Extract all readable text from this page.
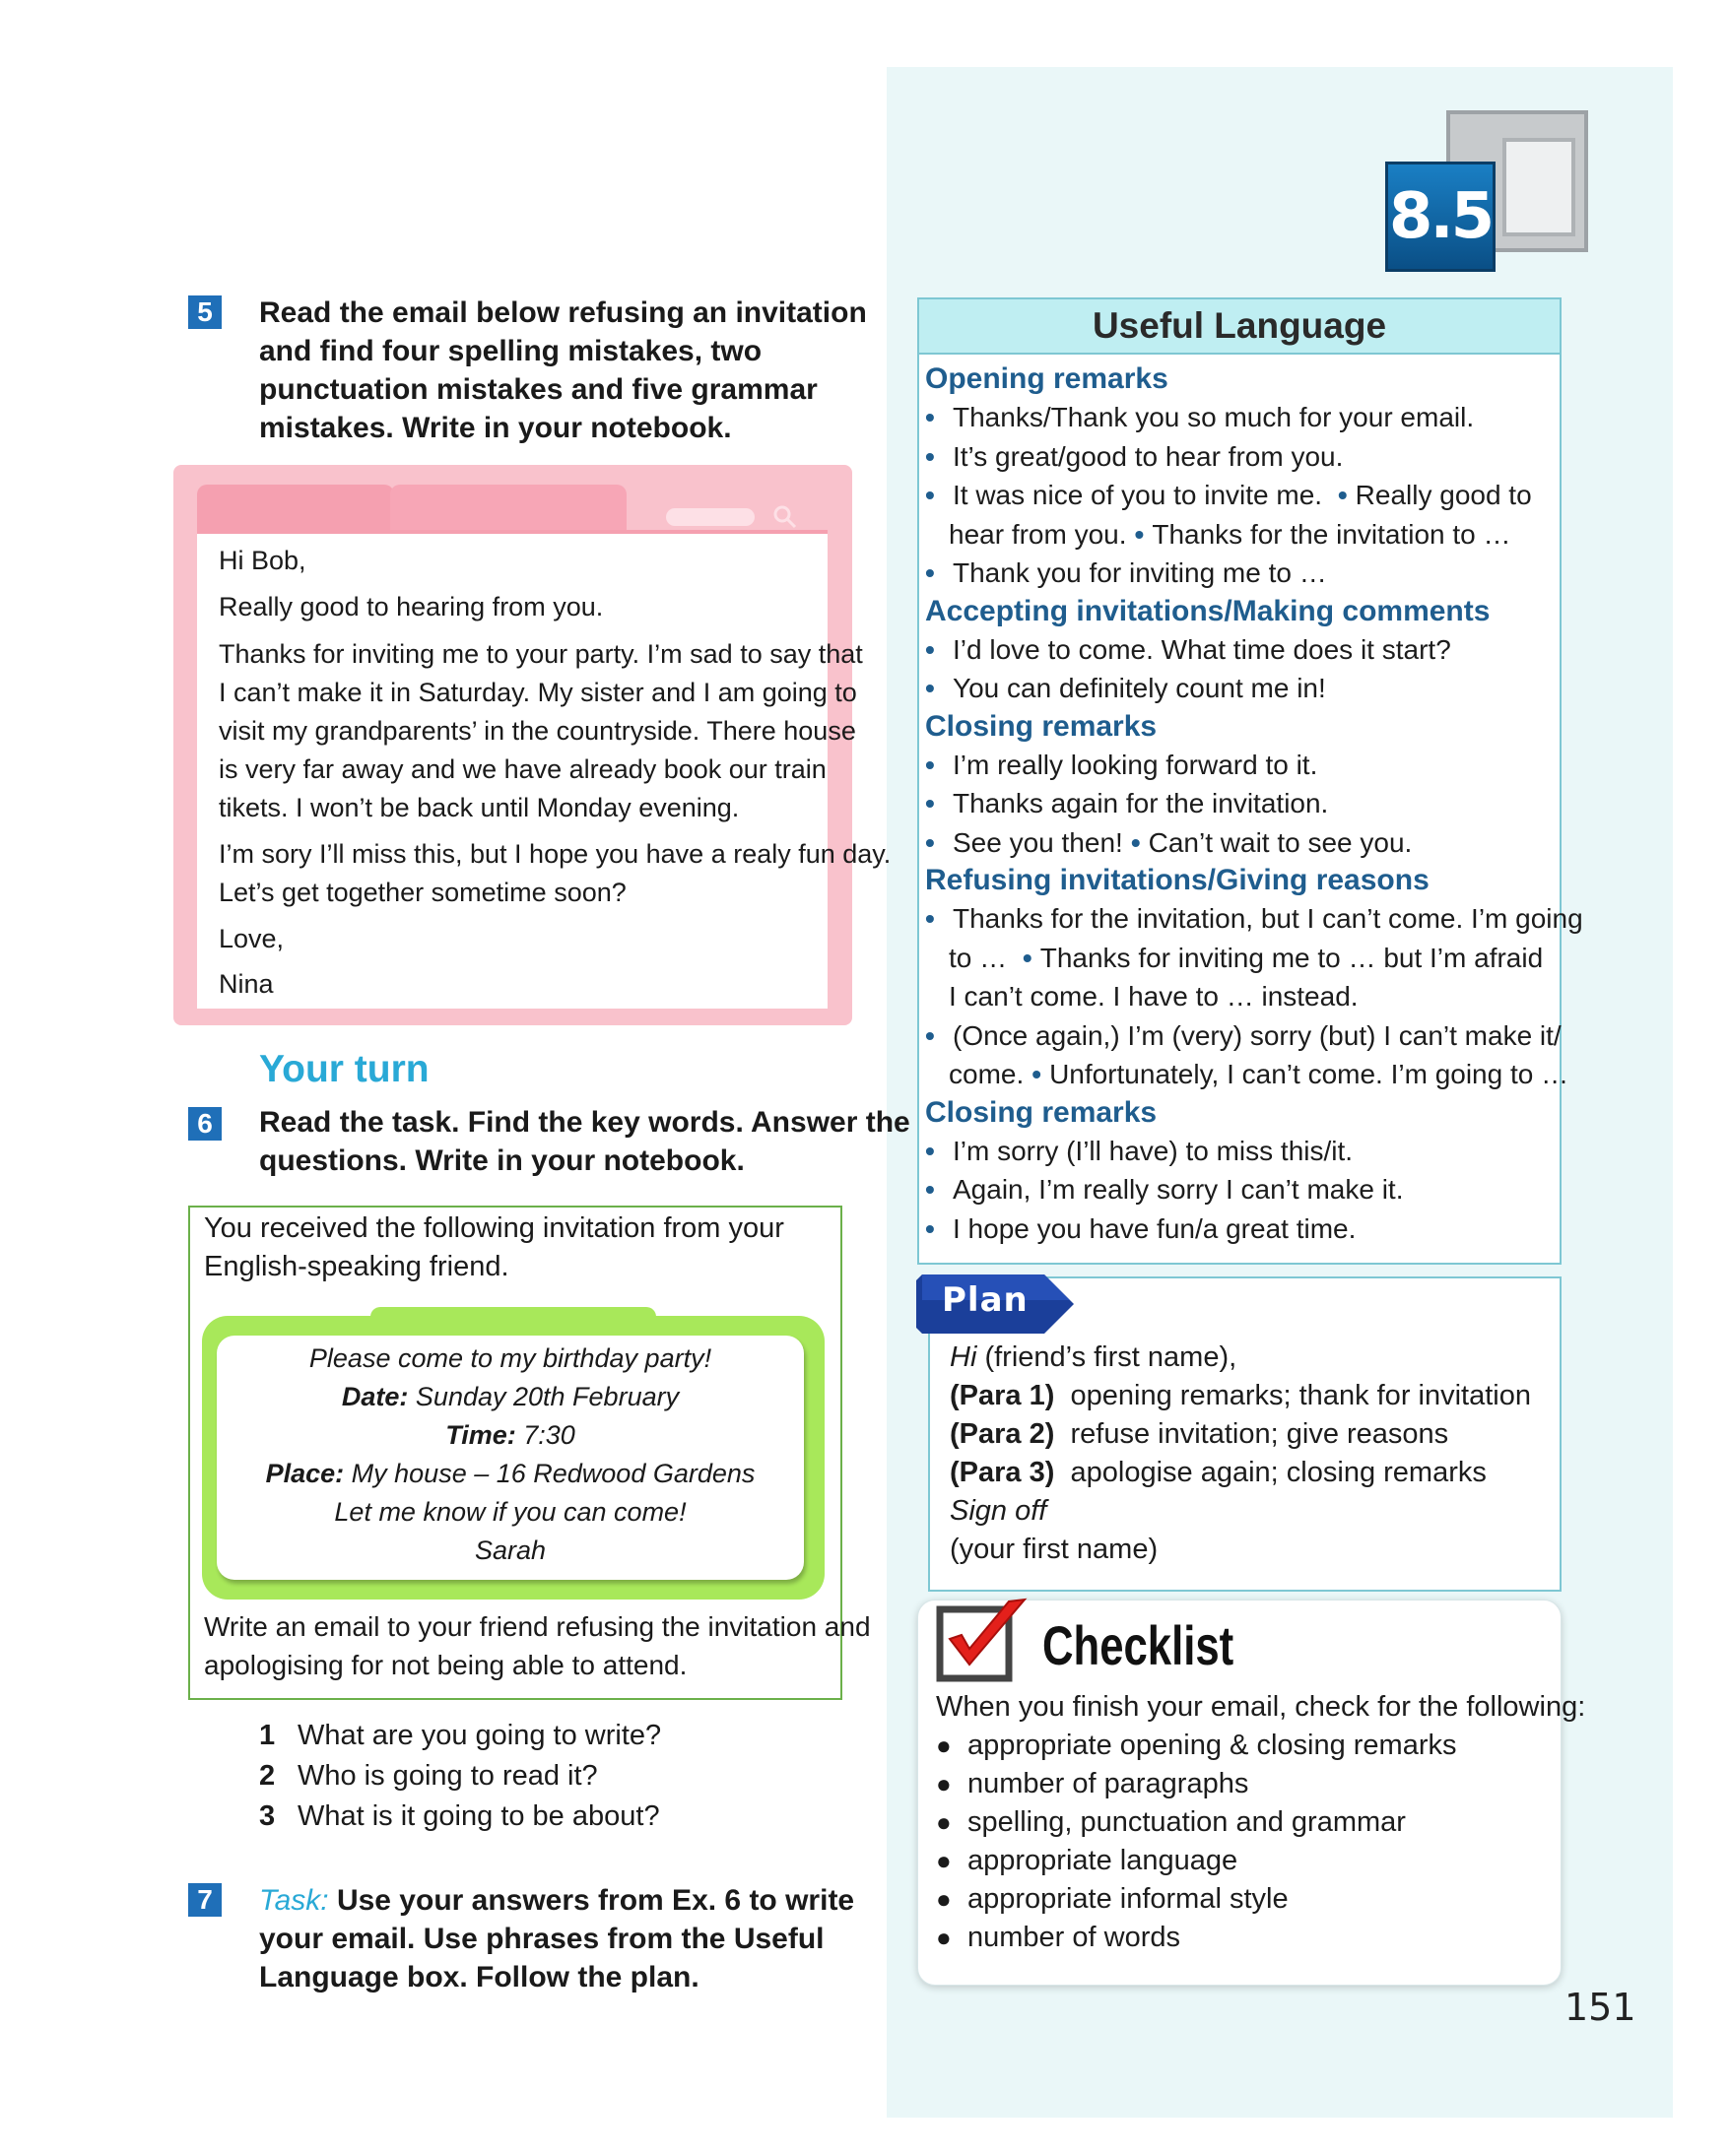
8.5
Useful Language
Opening remarks
• Thanks/Thank you so much for your email.
• It’s great/good to hear from you.
• It was nice of you to invite me. • Really good to
hear from you. • Thanks for the invitation to …
• Thank you for inviting me to …
Accepting invitations/Making comments
• I’d love to come. What time does it start?
• You can definitely count me in!
Closing remarks
• I’m really looking forward to it.
• Thanks again for the invitation.
• See you then! • Can’t wait to see you.
Refusing invitations/Giving reasons
• Thanks for the invitation, but I can’t come. I’m going
to … • Thanks for inviting me to … but I’m afraid
I can’t come. I have to … instead.
• (Once again,) I’m (very) sorry (but) I can’t make it/
come. • Unfortunately, I can’t come. I’m going to …
Closing remarks
• I’m sorry (I’ll have) to miss this/it.
• Again, I’m really sorry I can’t make it.
• I hope you have fun/a great time.
Plan
Hi (friend’s first name),
(Para 1) opening remarks; thank for invitation
(Para 2) refuse invitation; give reasons
(Para 3) apologise again; closing remarks
Sign off
(your first name)
Checklist
When you finish your email, check for the following:
● appropriate opening & closing remarks
● number of paragraphs
● spelling, punctuation and grammar
● appropriate language
● appropriate informal style
● number of words
151
5	Read the email below refusing an invitation
and find four spelling mistakes, two
punctuation mistakes and five grammar
mistakes. Write in your notebook.
Hi Bob,
Really good to hearing from you.
Thanks for inviting me to your party. I’m sad to say that
I can’t make it in Saturday. My sister and I am going to
visit my grandparents’ in the countryside. There house
is very far away and we have already book our train
tikets. I won’t be back until Monday evening.
I’m sory I’ll miss this, but I hope you have a realy fun day.
Let’s get together sometime soon?
Love,
Nina
Your turn
6	Read the task. Find the key words. Answer the
questions. Write in your notebook.
You received the following invitation from your
English-speaking friend.
Please come to my birthday party!
Date: Sunday 20th February
Time: 7:30
Place: My house – 16 Redwood Gardens
Let me know if you can come!
Sarah
Write an email to your friend refusing the invitation and
apologising for not being able to attend.
1 What are you going to write?
2 Who is going to read it?
3 What is it going to be about?
7	Task: Use your answers from Ex. 6 to write
your email. Use phrases from the Useful
Language box. Follow the plan.
